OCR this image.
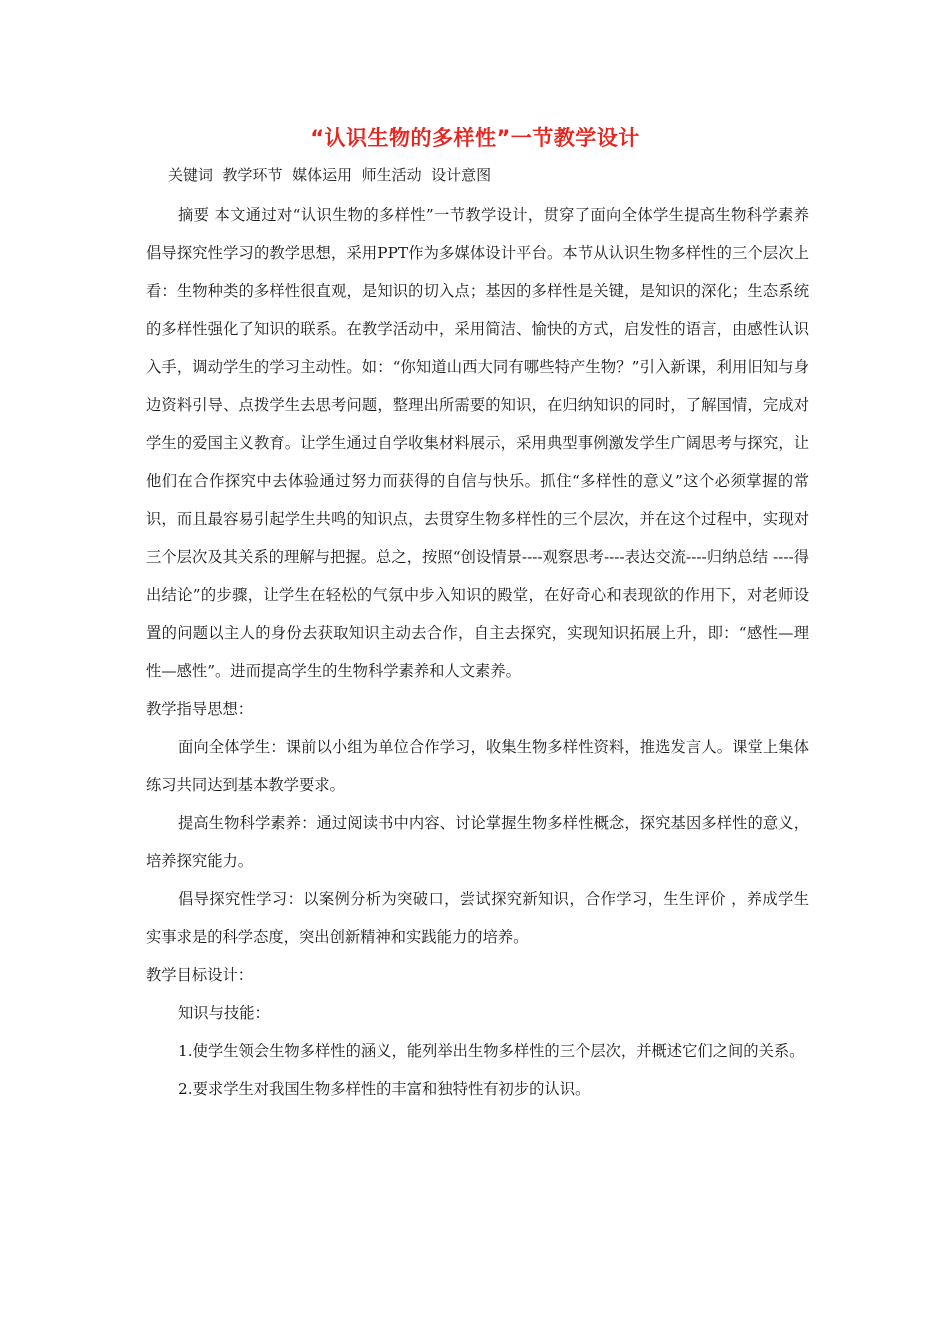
“认识生物的多样性”一节教学设计
关键词  教学环节  媒体运用  师生活动  设计意图

摘要 本文通过对“认识生物的多样性”一节教学设计，贯穿了面向全体学生提高生物科学素养倡导探究性学习的教学思想，采用PPT作为多媒体设计平台。本节从认识生物多样性的三个层次上看：生物种类的多样性很直观，是知识的切入点；基因的多样性是关键，是知识的深化；生态系统的多样性强化了知识的联系。在教学活动中，采用简洁、愉快的方式，启发性的语言，由感性认识入手，调动学生的学习主动性。如：“你知道山西大同有哪些特产生物？”引入新课，利用旧知与身边资料引导、点拨学生去思考问题，整理出所需要的知识，在归纳知识的同时，了解国情，完成对学生的爱国主义教育。让学生通过自学收集材料展示，采用典型事例激发学生广阔思考与探究，让他们在合作探究中去体验通过努力而获得的自信与快乐。抓住“多样性的意义”这个必须掌握的常识，而且最容易引起学生共鸣的知识点，去贯穿生物多样性的三个层次，并在这个过程中，实现对三个层次及其关系的理解与把握。总之，按照“创设情景----观察思考----表达交流----归纳总结 ----得出结论”的步骤，让学生在轻松的气氛中步入知识的殿堂，在好奇心和表现欲的作用下，对老师设置的问题以主人的身份去获取知识主动去合作，自主去探究，实现知识拓展上升，即：“感性—理性—感性”。进而提高学生的生物科学素养和人文素养。

教学指导思想：

面向全体学生：课前以小组为单位合作学习，收集生物多样性资料，推选发言人。课堂上集体练习共同达到基本教学要求。

提高生物科学素养：通过阅读书中内容、讨论掌握生物多样性概念，探究基因多样性的意义，培养探究能力。

倡导探究性学习：以案例分析为突破口，尝试探究新知识，合作学习，生生评价 ，养成学生实事求是的科学态度，突出创新精神和实践能力的培养。

教学目标设计：

知识与技能：

1.使学生领会生物多样性的涵义，能列举出生物多样性的三个层次，并概述它们之间的关系。

2.要求学生对我国生物多样性的丰富和独特性有初步的认识。
